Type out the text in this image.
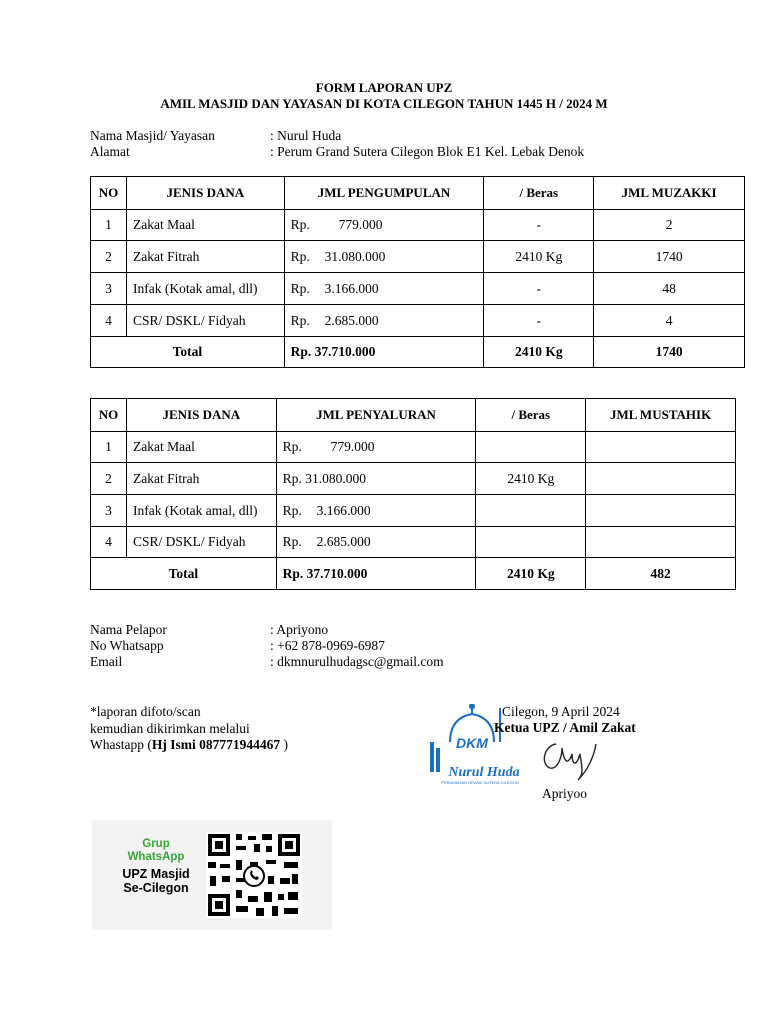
FORM LAPORAN UPZ
AMIL MASJID DAN YAYASAN DI KOTA CILEGON TAHUN 1445 H / 2024 M
Nama Masjid/ Yayasan	: Nurul Huda
Alamat	: Perum Grand Sutera Cilegon Blok E1 Kel. Lebak Denok
NO	JENIS DANA	JML PENGUMPULAN	/ Beras	JML MUZAKKI
1	Zakat Maal	Rp. 779.000	-	2
2	Zakat Fitrah	Rp. 31.080.000	2410 Kg	1740
3	Infak (Kotak amal, dll)	Rp. 3.166.000	-	48
4	CSR/ DSKL/ Fidyah	Rp. 2.685.000	-	4
Total		Rp. 37.710.000	2410 Kg	1740
NO	JENIS DANA	JML PENYALURAN	/ Beras	JML MUSTAHIK
1	Zakat Maal	Rp. 779.000		
2	Zakat Fitrah	Rp. 31.080.000	2410 Kg	
3	Infak (Kotak amal, dll)	Rp. 3.166.000		
4	CSR/ DSKL/ Fidyah	Rp. 2.685.000		
Total		Rp. 37.710.000	2410 Kg	482
Nama Pelapor	: Apriyono
No Whatsapp	: +62 878-0969-6987
Email	: dkmnurulhudagsc@gmail.com
*laporan difoto/scan
kemudian dikirimkan melalui
Whastapp (Hj Ismi 087771944467 )	DKM
Nurul Huda
PERUMAHAN GRAND SUTERA CILEGON
Cilegon, 9 April 2024
Ketua UPZ / Amil Zakat
Apriyoo
Grup
WhatsApp
UPZ Masjid
Se-Cilegon
